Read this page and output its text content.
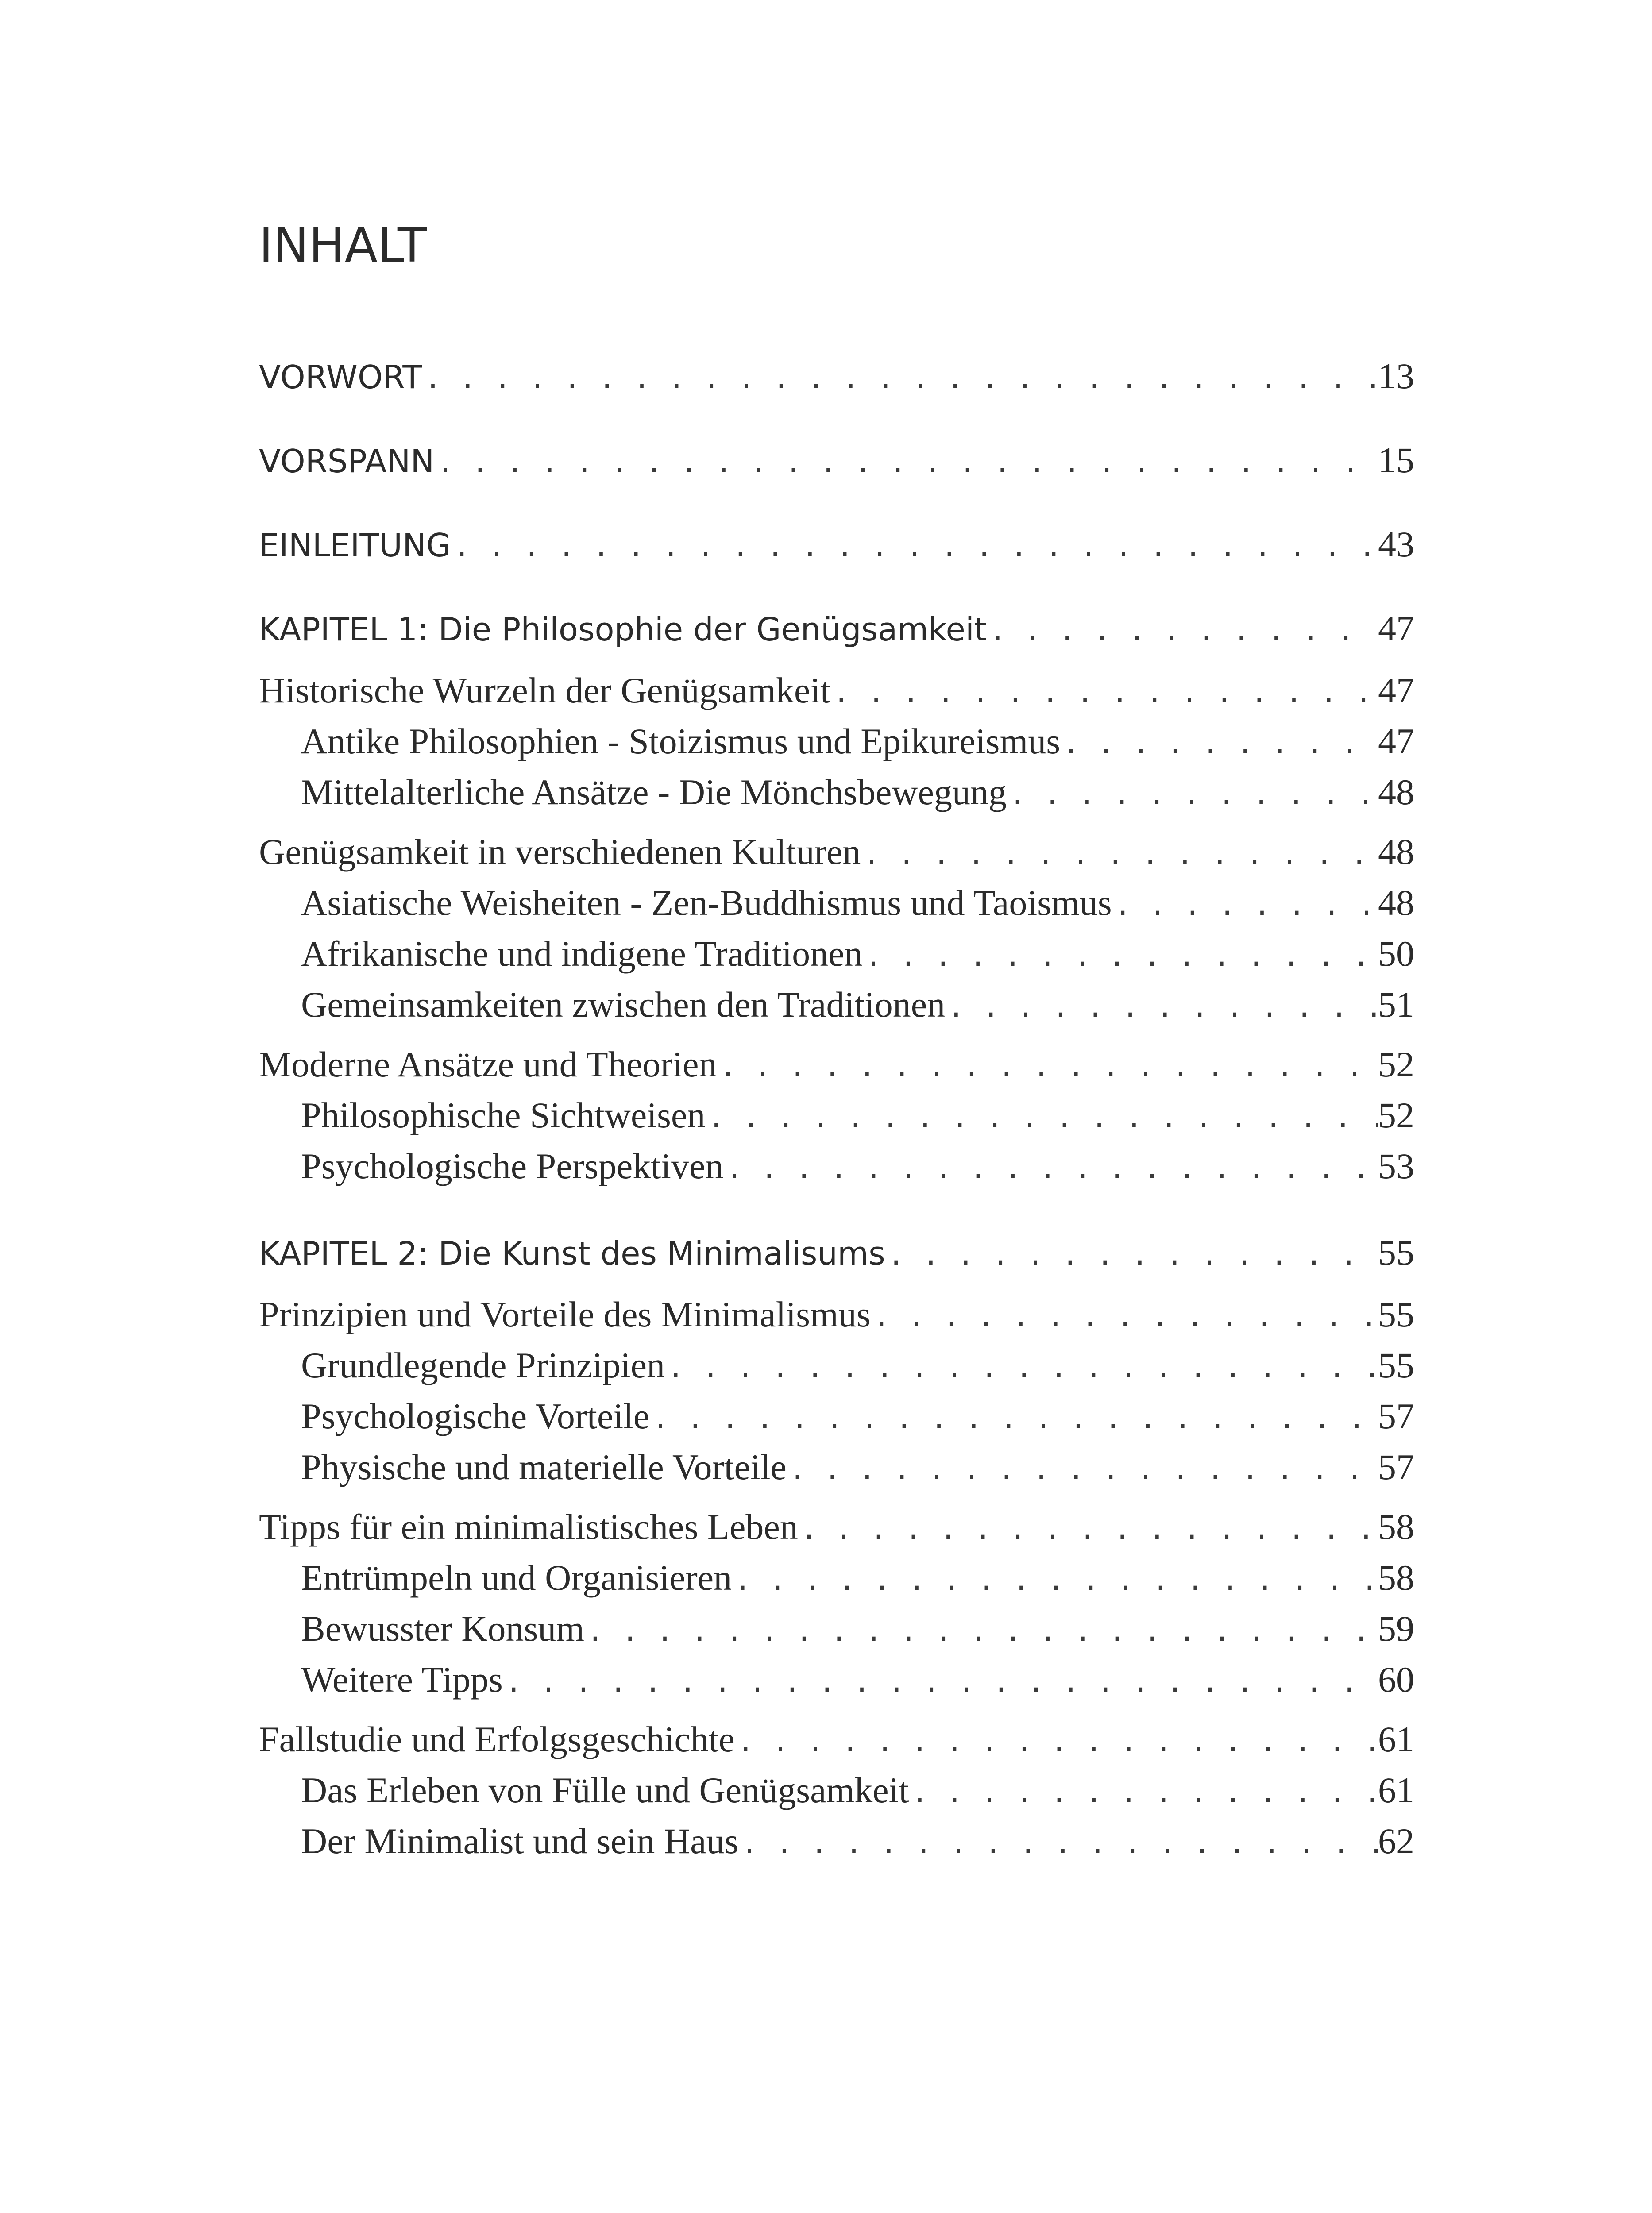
INHALT
VORWORT . . .	13
VORSPANN . . .	15
EINLEITUNG . . .	43
KAPITEL 1: Die Philosophie der Genügsamkeit . . .	47
Historische Wurzeln der Genügsamkeit . . .	47
Antike Philosophien - Stoizismus und Epikureismus . . .	47
Mittelalterliche Ansätze - Die Mönchsbewegung . . .	48
Genügsamkeit in verschiedenen Kulturen . . .	48
Asiatische Weisheiten - Zen-Buddhismus und Taoismus . . .	48
Afrikanische und indigene Traditionen . . .	50
Gemeinsamkeiten zwischen den Traditionen . . .	51
Moderne Ansätze und Theorien . . .	52
Philosophische Sichtweisen . . .	52
Psychologische Perspektiven . . .	53
KAPITEL 2: Die Kunst des Minimalisums . . .	55
Prinzipien und Vorteile des Minimalismus . . .	55
Grundlegende Prinzipien . . .	55
Psychologische Vorteile . . .	57
Physische und materielle Vorteile . . .	57
Tipps für ein minimalistisches Leben . . .	58
Entrümpeln und Organisieren . . .	58
Bewusster Konsum . . .	59
Weitere Tipps . . .	60
Fallstudie und Erfolgsgeschichte . . .	61
Das Erleben von Fülle und Genügsamkeit . . .	61
Der Minimalist und sein Haus . . .	62
